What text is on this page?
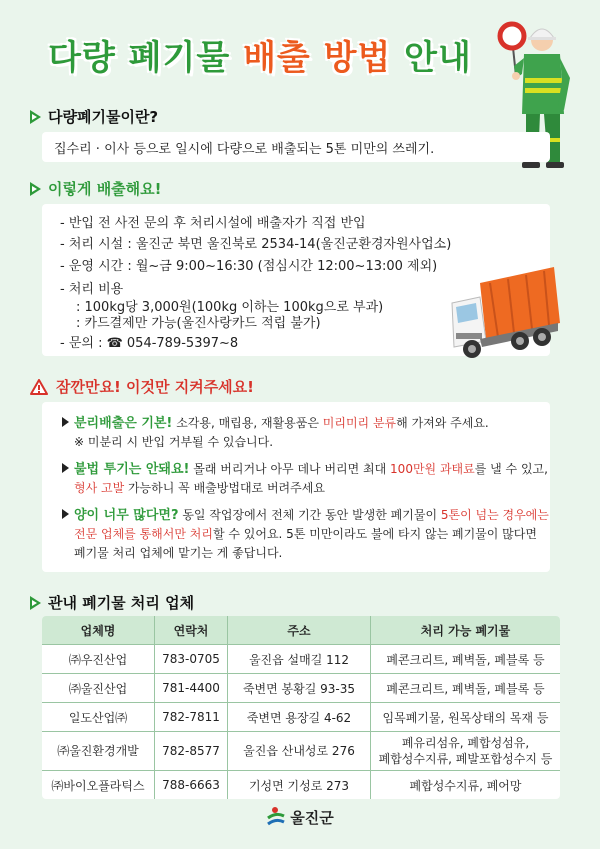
다량 폐기물 배출 방법 안내
다량폐기물이란?
집수리 · 이사 등으로 일시에 다량으로 배출되는 5톤 미만의 쓰레기.
이렇게 배출해요!
- 반입 전 사전 문의 후 처리시설에 배출자가 직접 반입
- 처리 시설 : 울진군 북면 울진북로 2534-14(울진군환경자원사업소)
- 운영 시간 : 월~금 9:00~16:30 (점심시간 12:00~13:00 제외)
- 처리 비용
: 100kg당 3,000원(100kg 이하는 100kg으로 부과)
: 카드결제만 가능(울진사랑카드 적립 불가)
- 문의 : ☎ 054-789-5397~8
잠깐만요! 이것만 지켜주세요!
분리배출은 기본! 소각용, 매립용, 재활용품은 미리미리 분류해 가져와 주세요.
※ 미분리 시 반입 거부될 수 있습니다.
불법 투기는 안돼요! 몰래 버리거나 아무 데나 버리면 최대 100만원 과태료를 낼 수 있고,
형사 고발 가능하니 꼭 배출방법대로 버려주세요
양이 너무 많다면? 동일 작업장에서 전체 기간 동안 발생한 폐기물이 5톤이 넘는 경우에는
전문 업체를 통해서만 처리할 수 있어요. 5톤 미만이라도 불에 타지 않는 폐기물이 많다면
폐기물 처리 업체에 맡기는 게 좋답니다.
관내 폐기물 처리 업체
업체명	연락처	주소	처리 가능 폐기물
㈜우진산업	783-0705	울진읍 설매길 112	폐콘크리트, 폐벽돌, 폐블록 등
㈜울진산업	781-4400	죽변면 봉황길 93-35	폐콘크리트, 폐벽돌, 폐블록 등
일도산업㈜	782-7811	죽변면 용장길 4-62	임목폐기물, 원목상태의 목재 등
㈜울진환경개발	782-8577	울진읍 산내성로 276	폐유리섬유, 폐합성섬유,
폐합성수지류, 폐발포합성수지 등
㈜바이오플라틱스	788-6663	기성면 기성로 273	폐합성수지류, 폐어망
울진군
